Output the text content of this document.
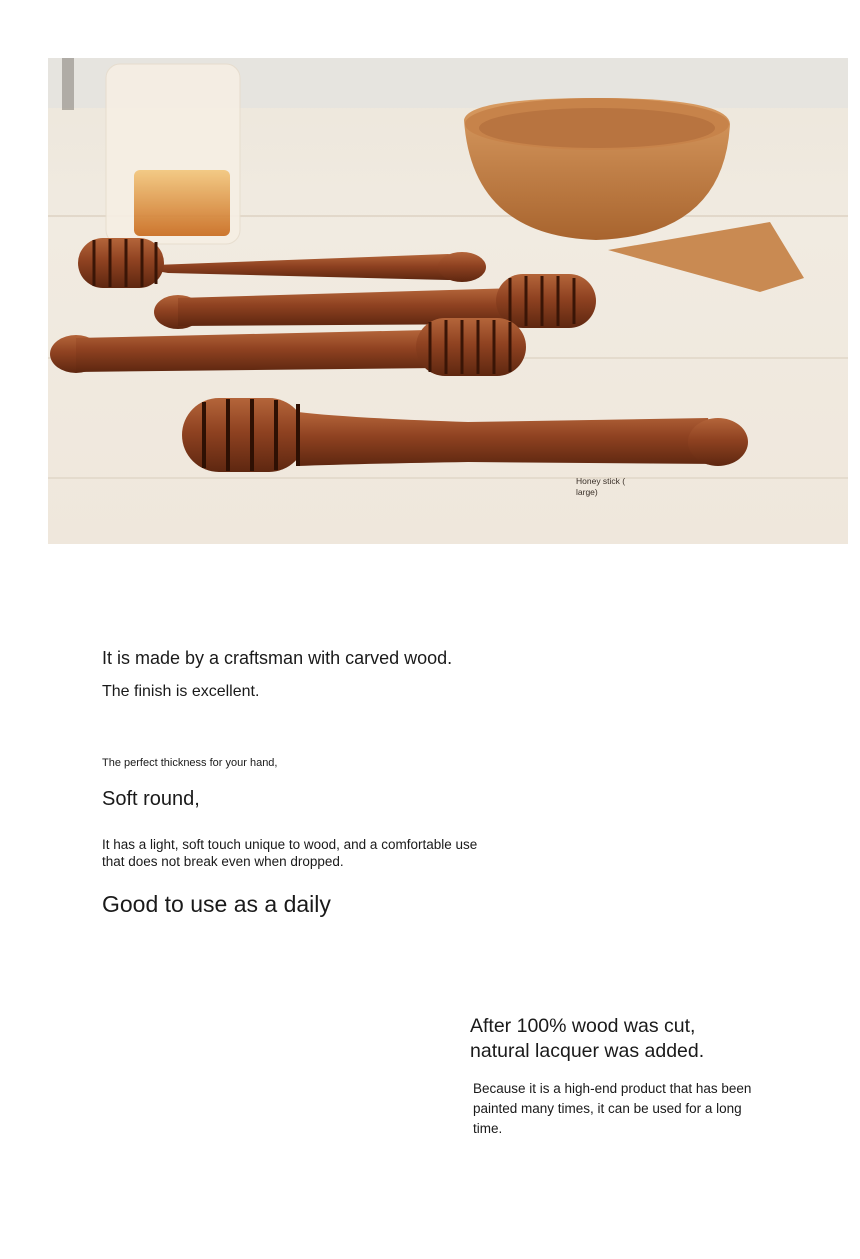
Honey stick ( large)

It is made by a craftsman with carved wood.

The finish is excellent.

The perfect thickness for your hand,

Soft round,

It has a light, soft touch unique to wood, and a comfortable use that does not break even when dropped.

Good to use as a daily

After 100% wood was cut,

natural lacquer was added.

Because it is a high-end product that has been painted many times, it can be used for a long time.
